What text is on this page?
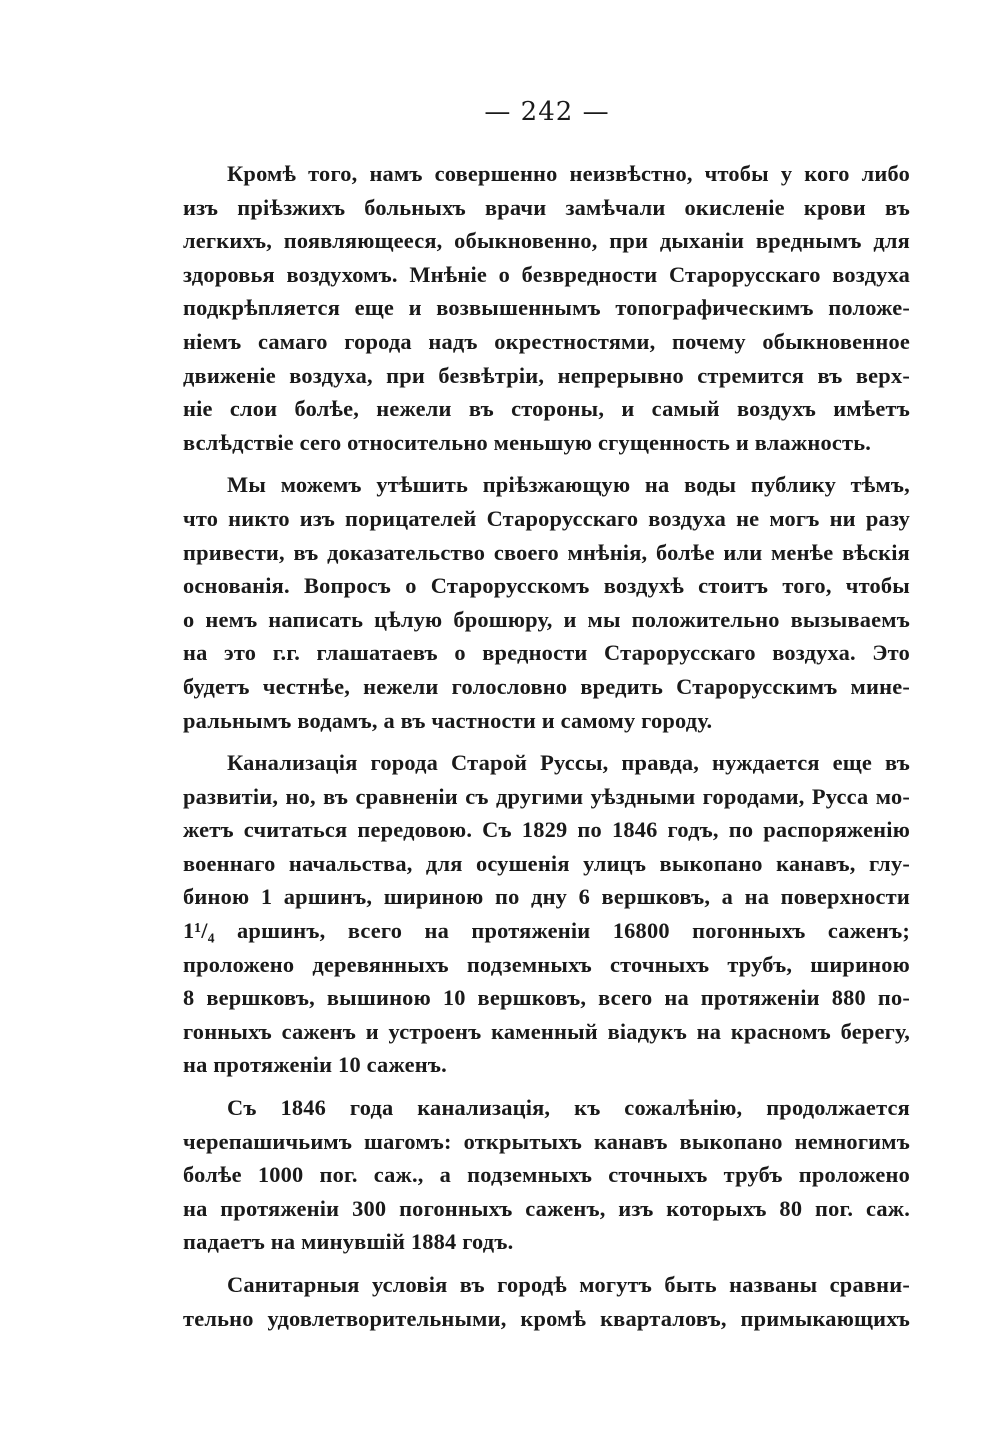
— 242 —
Кромѣ того, намъ совершенно неизвѣстно, чтобы у кого либо
изъ пріѣзжихъ больныхъ врачи замѣчали окисленіе крови въ
легкихъ, появляющееся, обыкновенно, при дыханіи вреднымъ для
здоровья воздухомъ. Мнѣніе о безвредности Старорусскаго воздуха
подкрѣпляется еще и возвышеннымъ топографическимъ положе-
ніемъ самаго города надъ окрестностями, почему обыкновенное
движеніе воздуха, при безвѣтріи, непрерывно стремится въ верх-
ніе слои болѣе, нежели въ стороны, и самый воздухъ имѣетъ
вслѣдствіе сего относительно меньшую сгущенность и влажность.
Мы можемъ утѣшить пріѣзжающую на воды публику тѣмъ,
что никто изъ порицателей Старорусскаго воздуха не могъ ни разу
привести, въ доказательство своего мнѣнія, болѣе или менѣе вѣскія
основанія. Вопросъ о Старорусскомъ воздухѣ стоитъ того, чтобы
о немъ написать цѣлую брошюру, и мы положительно вызываемъ
на это г.г. глашатаевъ о вредности Старорусскаго воздуха. Это
будетъ честнѣе, нежели голословно вредить Старорусскимъ мине-
ральнымъ водамъ, а въ частности и самому городу.
Канализація города Старой Руссы, правда, нуждается еще въ
развитіи, но, въ сравненіи съ другими уѣздными городами, Русса мо-
жетъ считаться передовою. Съ 1829 по 1846 годъ, по распоряженію
военнаго начальства, для осушенія улицъ выкопано канавъ, глу-
биною 1 аршинъ, шириною по дну 6 вершковъ, а на поверхности
1¹/₄ аршинъ, всего на протяженіи 16800 погонныхъ саженъ;
проложено деревянныхъ подземныхъ сточныхъ трубъ, шириною
8 вершковъ, вышиною 10 вершковъ, всего на протяженіи 880 по-
гонныхъ саженъ и устроенъ каменный віадукъ на красномъ берегу,
на протяженіи 10 саженъ.
Съ 1846 года канализація, къ сожалѣнію, продолжается
черепашичьимъ шагомъ: открытыхъ канавъ выкопано немногимъ
болѣе 1000 пог. саж., а подземныхъ сточныхъ трубъ проложено
на протяженіи 300 погонныхъ саженъ, изъ которыхъ 80 пог. саж.
падаетъ на минувшій 1884 годъ.
Санитарныя условія въ городѣ могутъ быть названы сравни-
тельно удовлетворительными, кромѣ кварталовъ, примыкающихъ
